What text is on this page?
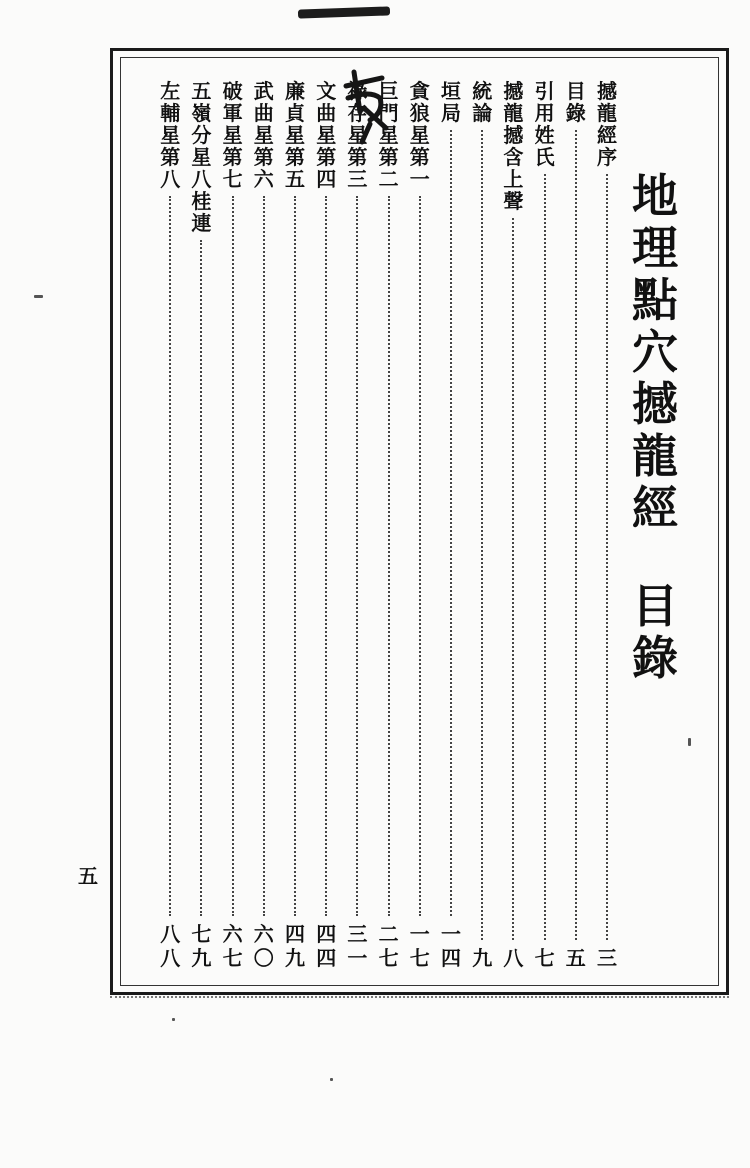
地理點穴撼龍經
目錄
撼
龍
經
序
三
目
錄
五
引
用
姓
氏
七
撼
龍
撼
含
上
聲
八
統
論
九
垣
局
一
四
貪
狼
星
第
一
一
七
巨
門
星
第
二
二
七
祿
存
星
第
三
三
一
文
曲
星
第
四
四
四
廉
貞
星
第
五
四
九
武
曲
星
第
六
六
〇
破
軍
星
第
七
六
七
五
嶺
分
星
八
桂
連
七
九
左
輔
星
第
八
八
八
五
